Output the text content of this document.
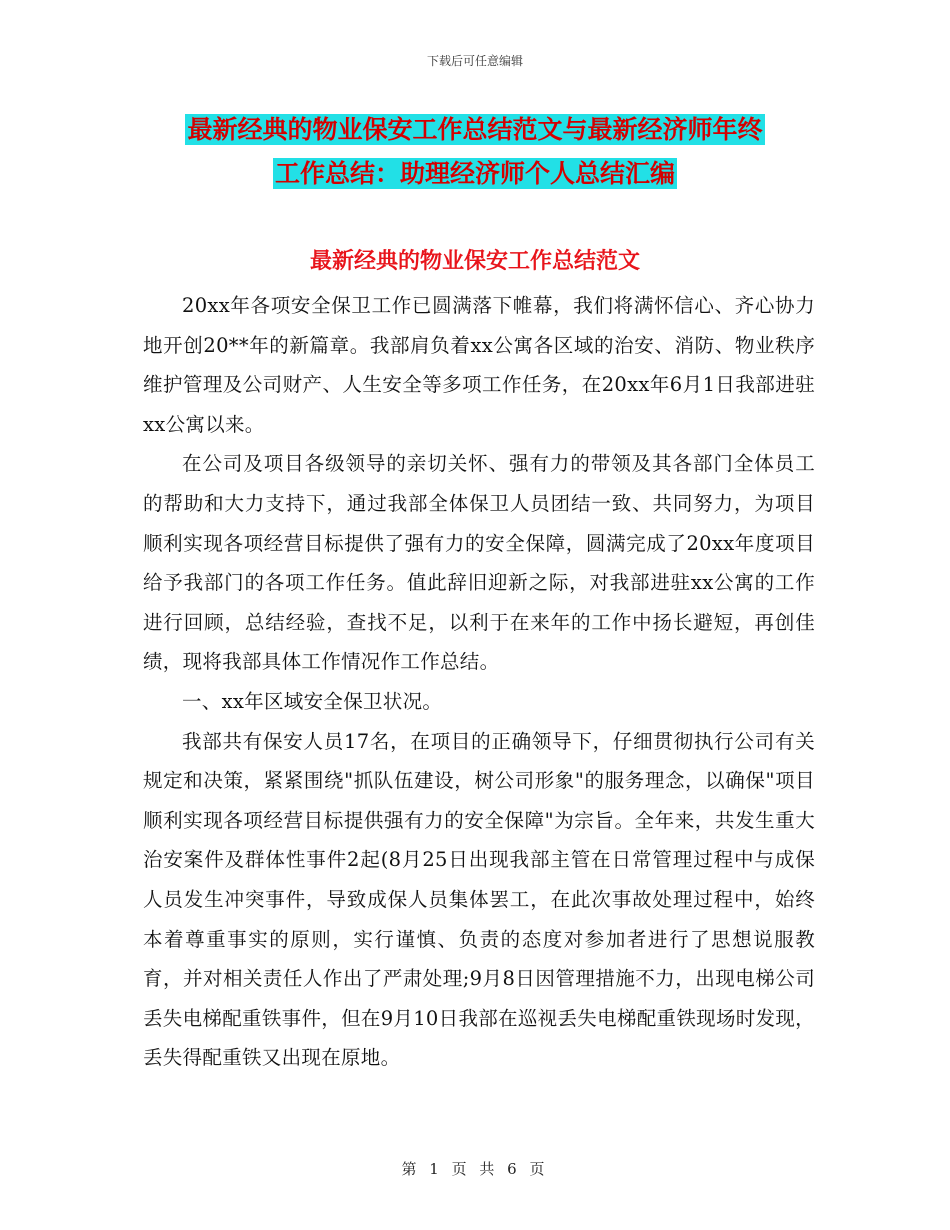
下载后可任意编辑
最新经典的物业保安工作总结范文与最新经济师年终
工作总结：助理经济师个人总结汇编
最新经典的物业保安工作总结范文

20xx年各项安全保卫工作已圆满落下帷幕，我们将满怀信心、齐心协力地开创20**年的新篇章。我部肩负着xx公寓各区域的治安、消防、物业秩序维护管理及公司财产、人生安全等多项工作任务，在20xx年6月1日我部进驻xx公寓以来。

在公司及项目各级领导的亲切关怀、强有力的带领及其各部门全体员工的帮助和大力支持下，通过我部全体保卫人员团结一致、共同努力，为项目顺利实现各项经营目标提供了强有力的安全保障，圆满完成了20xx年度项目给予我部门的各项工作任务。值此辞旧迎新之际，对我部进驻xx公寓的工作进行回顾，总结经验，查找不足，以利于在来年的工作中扬长避短，再创佳绩，现将我部具体工作情况作工作总结。

一、xx年区域安全保卫状况。

我部共有保安人员17名，在项目的正确领导下，仔细贯彻执行公司有关规定和决策，紧紧围绕"抓队伍建设，树公司形象"的服务理念，以确保"项目顺利实现各项经营目标提供强有力的安全保障"为宗旨。全年来，共发生重大治安案件及群体性事件2起(8月25日出现我部主管在日常管理过程中与成保人员发生冲突事件，导致成保人员集体罢工，在此次事故处理过程中，始终本着尊重事实的原则，实行谨慎、负责的态度对参加者进行了思想说服教育，并对相关责任人作出了严肃处理;9月8日因管理措施不力，出现电梯公司丢失电梯配重铁事件，但在9月10日我部在巡视丢失电梯配重铁现场时发现，丢失得配重铁又出现在原地。

第 1 页 共 6 页
